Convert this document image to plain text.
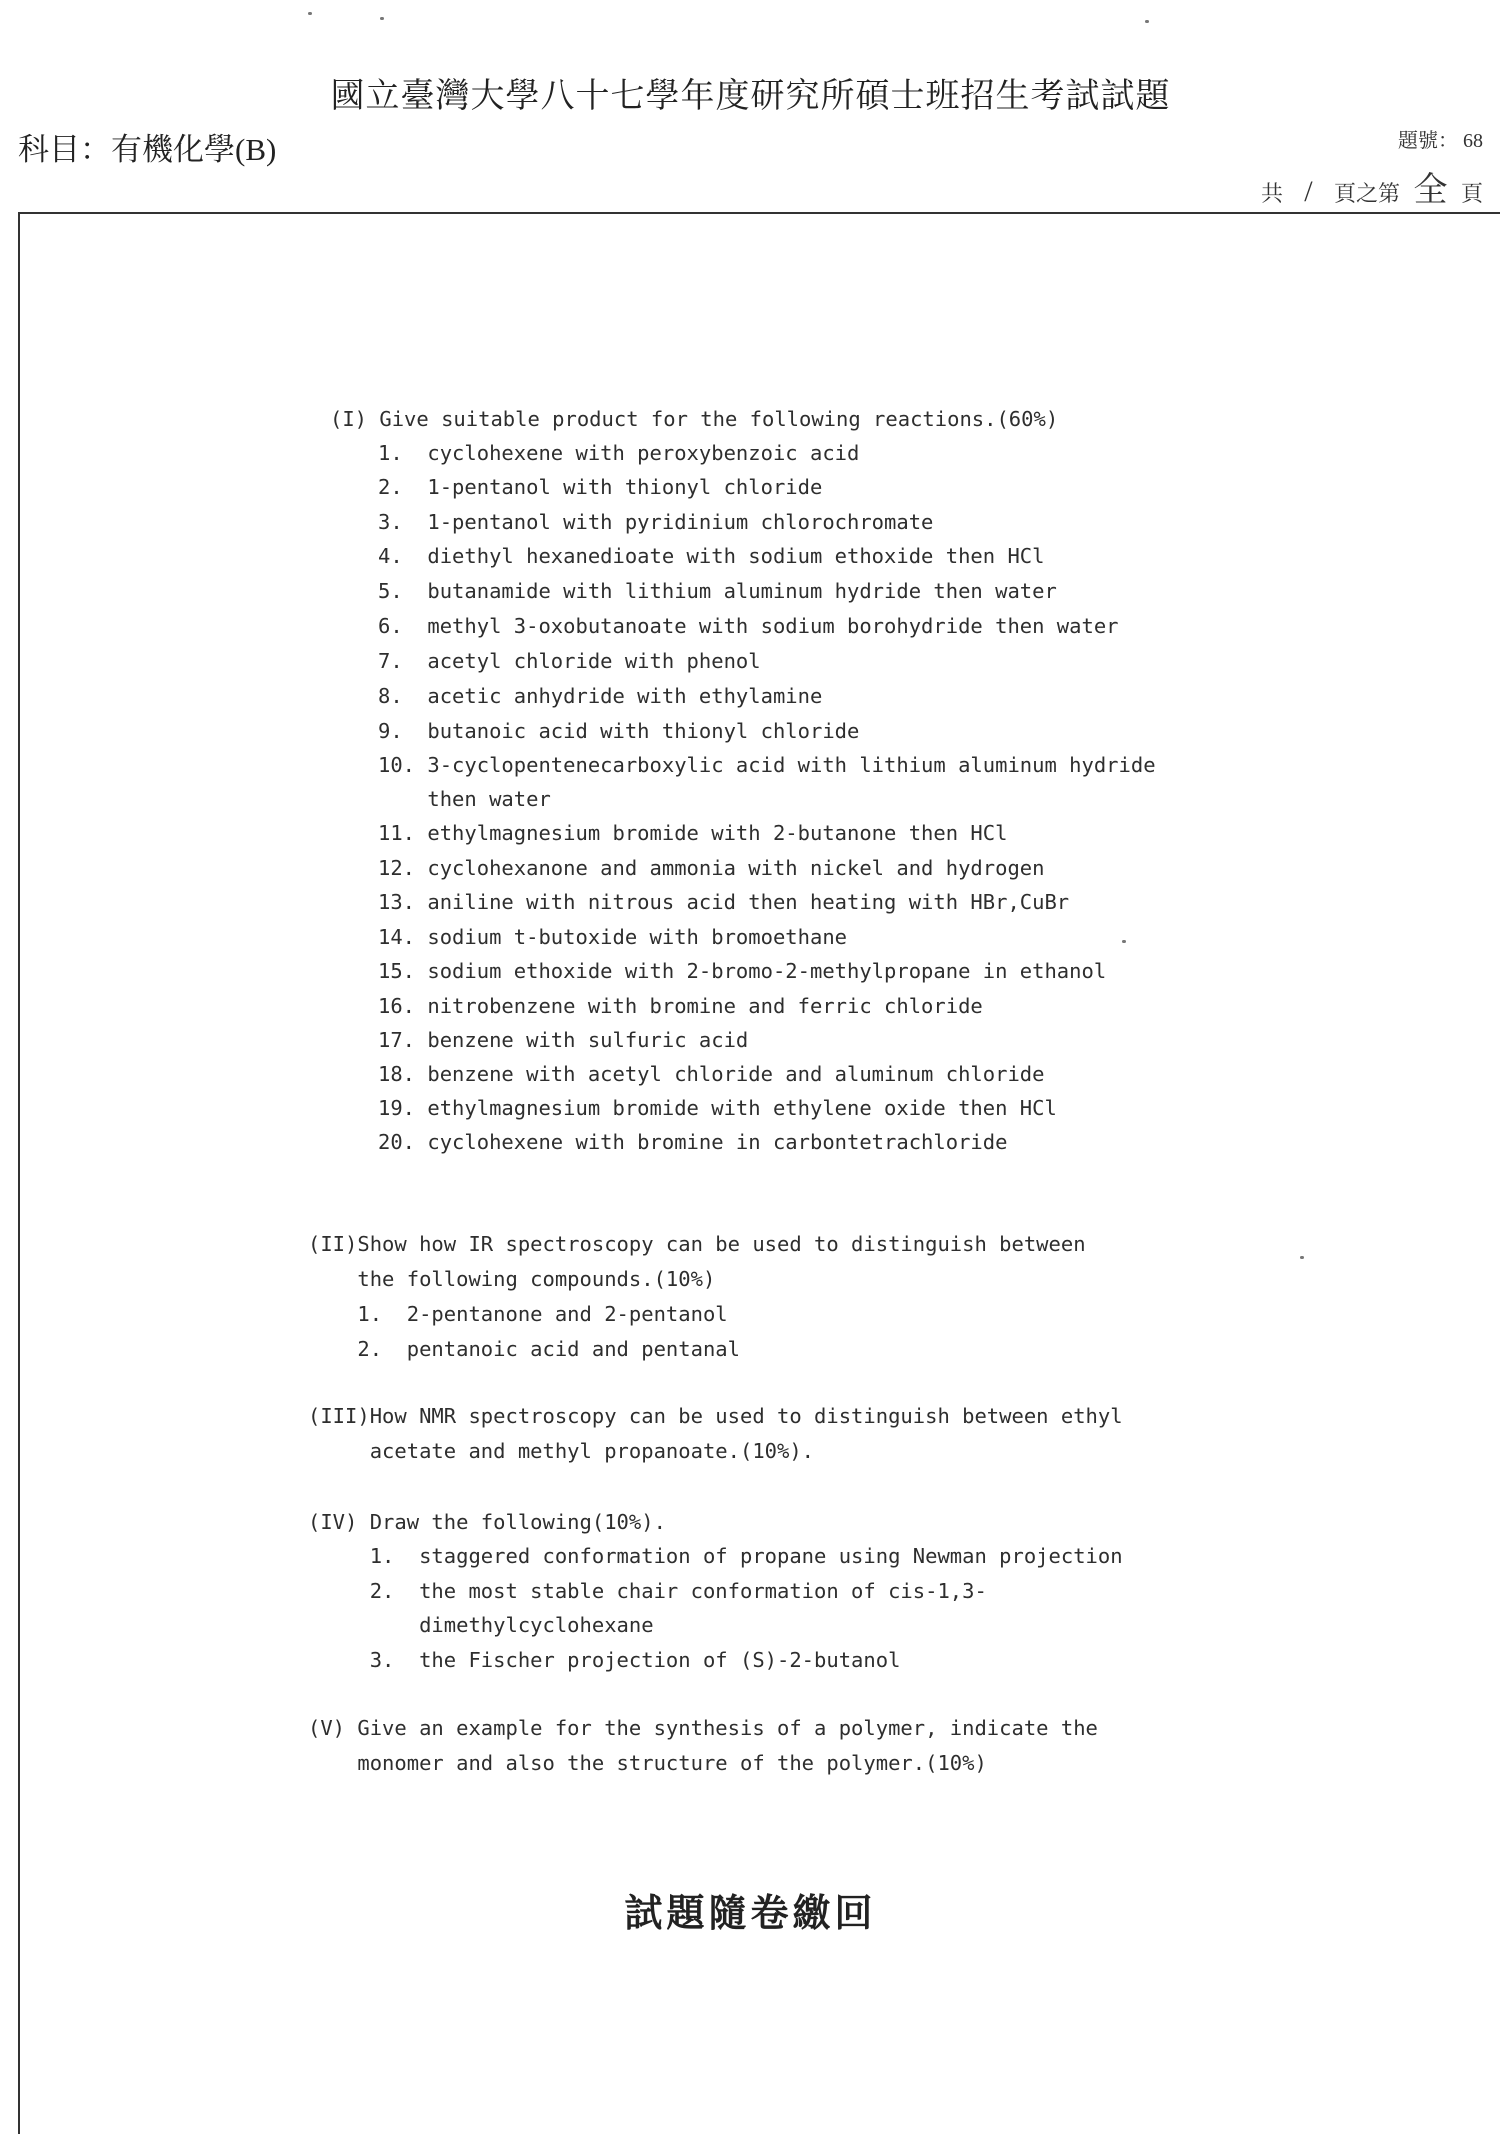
國立臺灣大學八十七學年度研究所碩士班招生考試試題
科目：有機化學(B)	題號： 68
共 / 頁之第 全 頁
(I) Give suitable product for the following reactions.(60%)
1.  cyclohexene with peroxybenzoic acid
2.  1-pentanol with thionyl chloride
3.  1-pentanol with pyridinium chlorochromate
4.  diethyl hexanedioate with sodium ethoxide then HCl
5.  butanamide with lithium aluminum hydride then water
6.  methyl 3-oxobutanoate with sodium borohydride then water
7.  acetyl chloride with phenol
8.  acetic anhydride with ethylamine
9.  butanoic acid with thionyl chloride
10. 3-cyclopentenecarboxylic acid with lithium aluminum hydride
then water
11. ethylmagnesium bromide with 2-butanone then HCl
12. cyclohexanone and ammonia with nickel and hydrogen
13. aniline with nitrous acid then heating with HBr,CuBr
14. sodium t-butoxide with bromoethane
15. sodium ethoxide with 2-bromo-2-methylpropane in ethanol
16. nitrobenzene with bromine and ferric chloride
17. benzene with sulfuric acid
18. benzene with acetyl chloride and aluminum chloride
19. ethylmagnesium bromide with ethylene oxide then HCl
20. cyclohexene with bromine in carbontetrachloride
(II)Show how IR spectroscopy can be used to distinguish between
the following compounds.(10%)
1.  2-pentanone and 2-pentanol
2.  pentanoic acid and pentanal
(III)How NMR spectroscopy can be used to distinguish between ethyl
acetate and methyl propanoate.(10%).
(IV) Draw the following(10%).
1.  staggered conformation of propane using Newman projection
2.  the most stable chair conformation of cis-1,3-
dimethylcyclohexane
3.  the Fischer projection of (S)-2-butanol
(V) Give an example for the synthesis of a polymer, indicate the
monomer and also the structure of the polymer.(10%)
試題隨卷繳回
